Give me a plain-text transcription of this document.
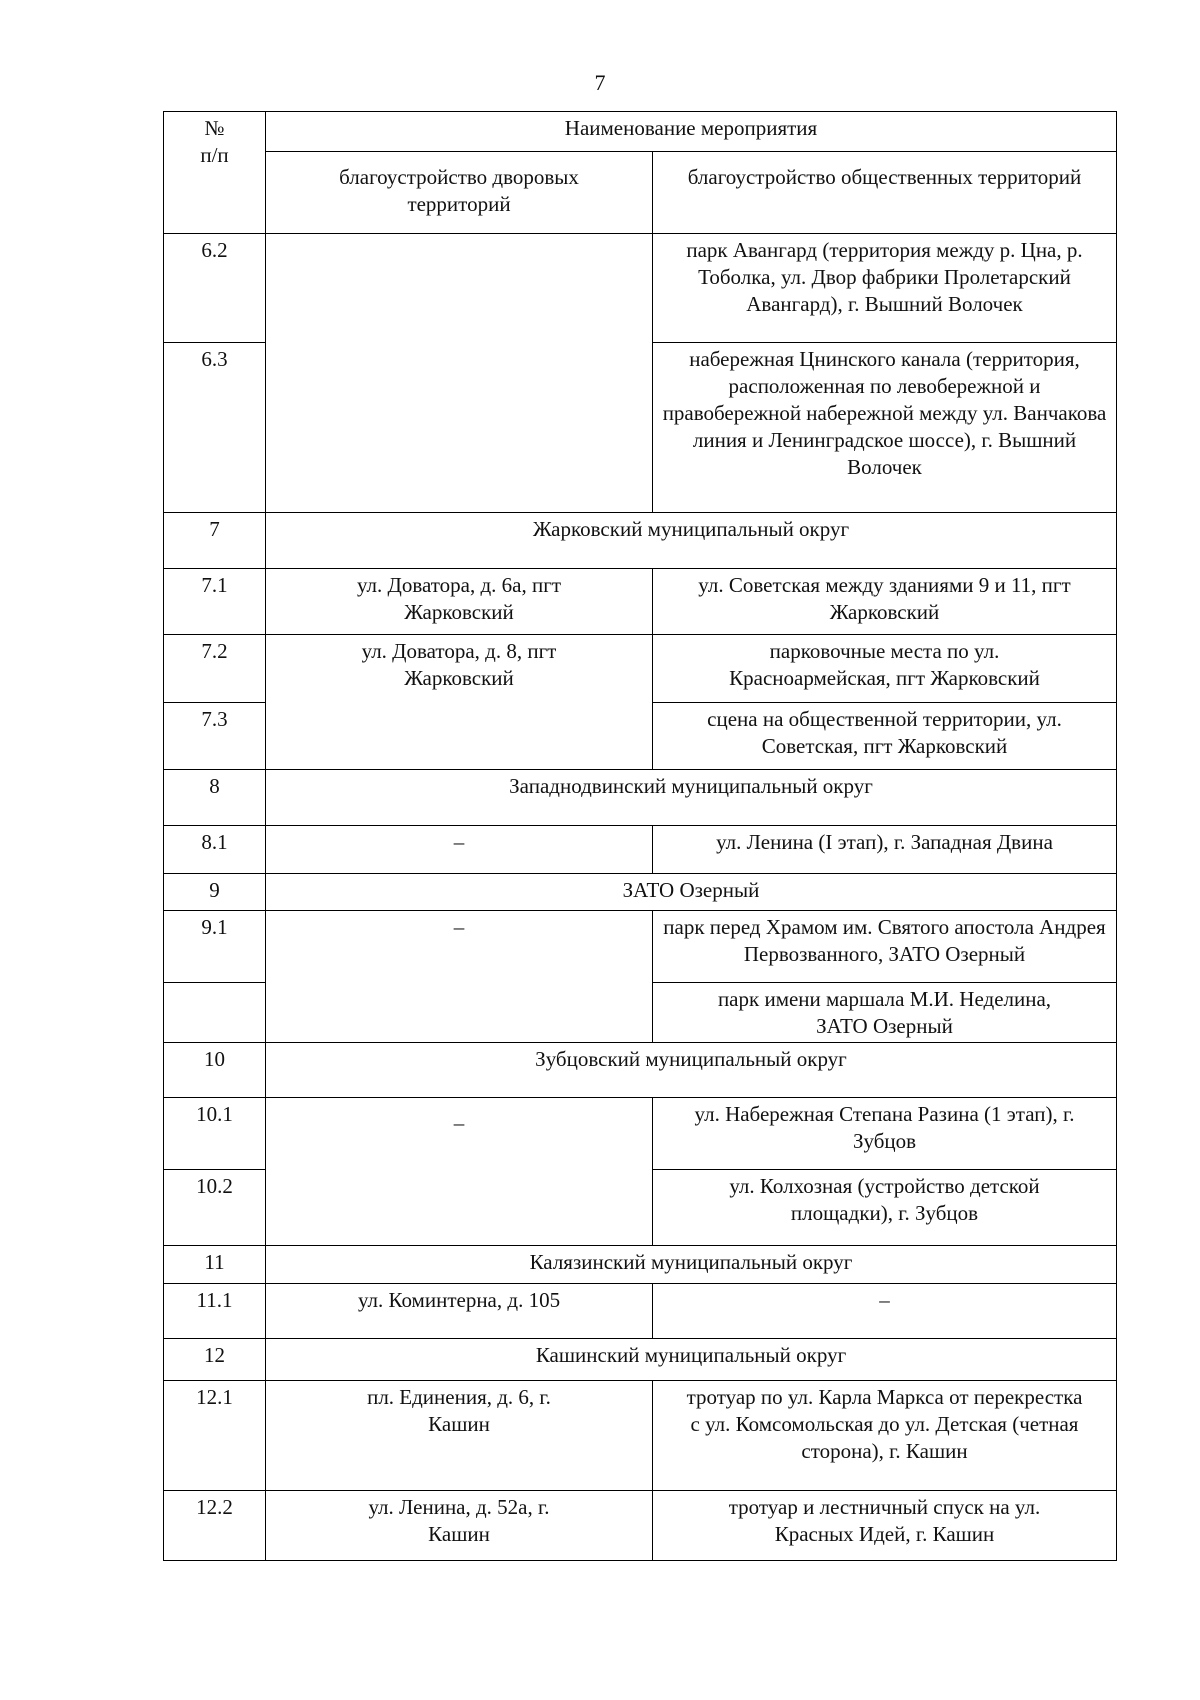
7
№
п/п	Наименование мероприятия	
	благоустройство дворовых территорий	благоустройство общественных территорий
6.2		парк Авангард (территория между р. Цна, р. Тоболка, ул. Двор фабрики Пролетарский Авангард), г. Вышний Волочек
6.3		набережная Цнинского канала (территория, расположенная по левобережной и правобережной набережной между ул. Ванчакова линия и Ленинградское шоссе), г. Вышний Волочек
7	Жарковский муниципальный округ	
7.1	ул. Доватора, д. 6а, пгт Жарковский	ул. Советская между зданиями 9 и 11, пгт Жарковский
7.2	ул. Доватора, д. 8, пгт Жарковский	парковочные места по ул. Красноармейская, пгт Жарковский
7.3		сцена на общественной территории, ул. Советская, пгт Жарковский
8	Западнодвинский муниципальный округ	
8.1	–	ул. Ленина (I этап), г. Западная Двина
9	ЗАТО Озерный	
9.1	–	парк перед Храмом им. Святого апостола Андрея Первозванного, ЗАТО Озерный
		парк имени маршала М.И. Неделина, ЗАТО Озерный
10	Зубцовский муниципальный округ	
10.1	–	ул. Набережная Степана Разина (1 этап), г. Зубцов
10.2		ул. Колхозная (устройство детской площадки), г. Зубцов
11	Калязинский муниципальный округ	
11.1	ул. Коминтерна, д. 105	–
12	Кашинский муниципальный округ	
12.1	пл. Единения, д. 6, г. Кашин	тротуар по ул. Карла Маркса от перекрестка с ул. Комсомольская до ул. Детская (четная сторона), г. Кашин
12.2	ул. Ленина, д. 52а, г. Кашин	тротуар и лестничный спуск на ул. Красных Идей, г. Кашин
